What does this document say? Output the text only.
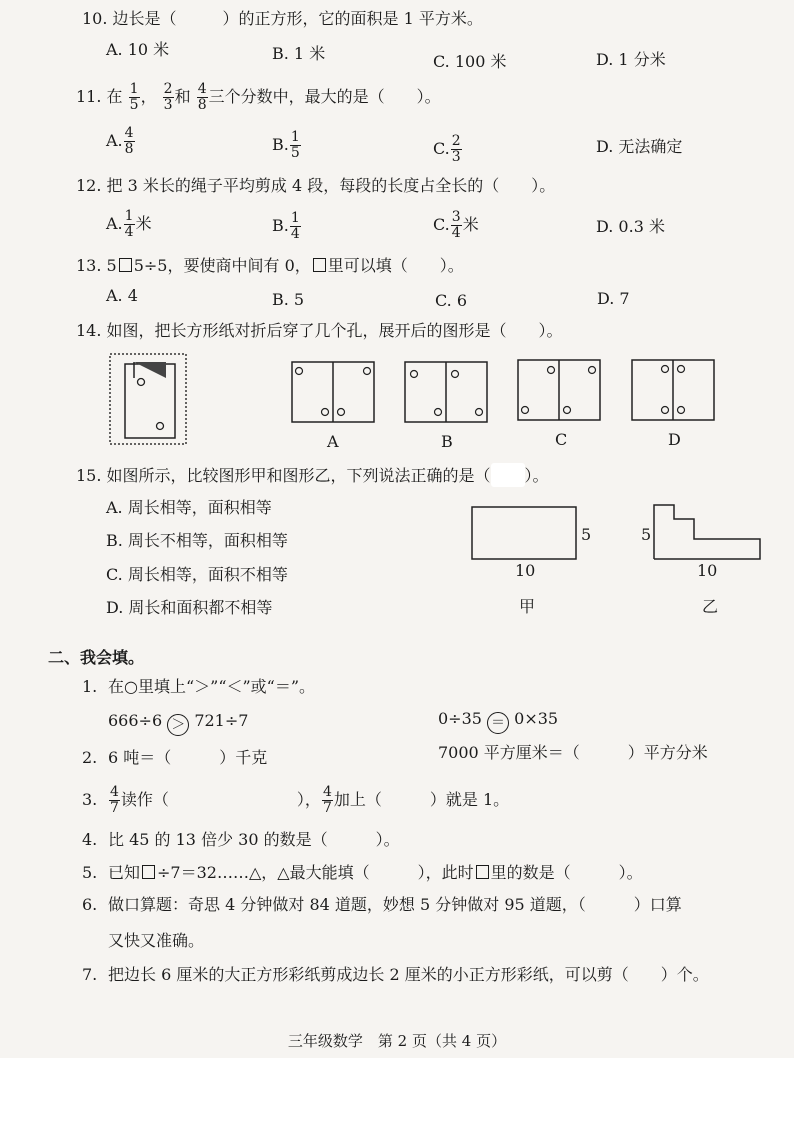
10. 边长是（	）的正方形，它的面积是 1 平方米。
A. 10 米	B. 1 米	C. 100 米	D. 1 分米
11. 在 $\frac{1}{5}$ ， $\frac{2}{3}$ 和 $\frac{4}{8}$ 三个分数中，最大的是（　　）。
A. $\frac{4}{8}$	B. $\frac{1}{5}$	C. $\frac{2}{3}$	D. 无法确定
12. 把 3 米长的绳子平均剪成 4 段，每段的长度占全长的（　　）。
A. $\frac{1}{4}$ 米	B. $\frac{1}{4}$	C. $\frac{3}{4}$ 米	D. 0.3 米
13. 5 5÷5，要使商中间有 0， 里可以填（　　）。
A. 4	B. 5	C. 6	D. 7
14. 如图，把长方形纸对折后穿了几个孔，展开后的图形是（　　）。
A	B	C	D
15. 如图所示，比较图形甲和图形乙，下列说法正确的是（ ）。
A. 周长相等，面积相等
B. 周长不相等，面积相等
C. 周长相等，面积不相等
D. 周长和面积都不相等
5
10
甲
5
10
乙
二、我会填。
1. 在○里填上“＞”“＜”或“＝”。
666÷6 ＞ 721÷7	0÷35 ＝ 0×35
2. 6 吨＝（　　　）千克	7000 平方厘米＝（　　　）平方分米
3. $\frac{4}{7}$ 读作（　　　　　　　　）， $\frac{4}{7}$ 加上（　　　）就是 1。
4. 比 45 的 13 倍少 30 的数是（　　　）。
5. 已知 ÷7＝32……△，△最大能填（　　　），此时 里的数是（　　　）。
6. 做口算题：奇思 4 分钟做对 84 道题，妙想 5 分钟做对 95 道题，（　　　）口算
又快又准确。
7. 把边长 6 厘米的大正方形彩纸剪成边长 2 厘米的小正方形彩纸，可以剪（　　）个。
三年级数学　第 2 页（共 4 页）
